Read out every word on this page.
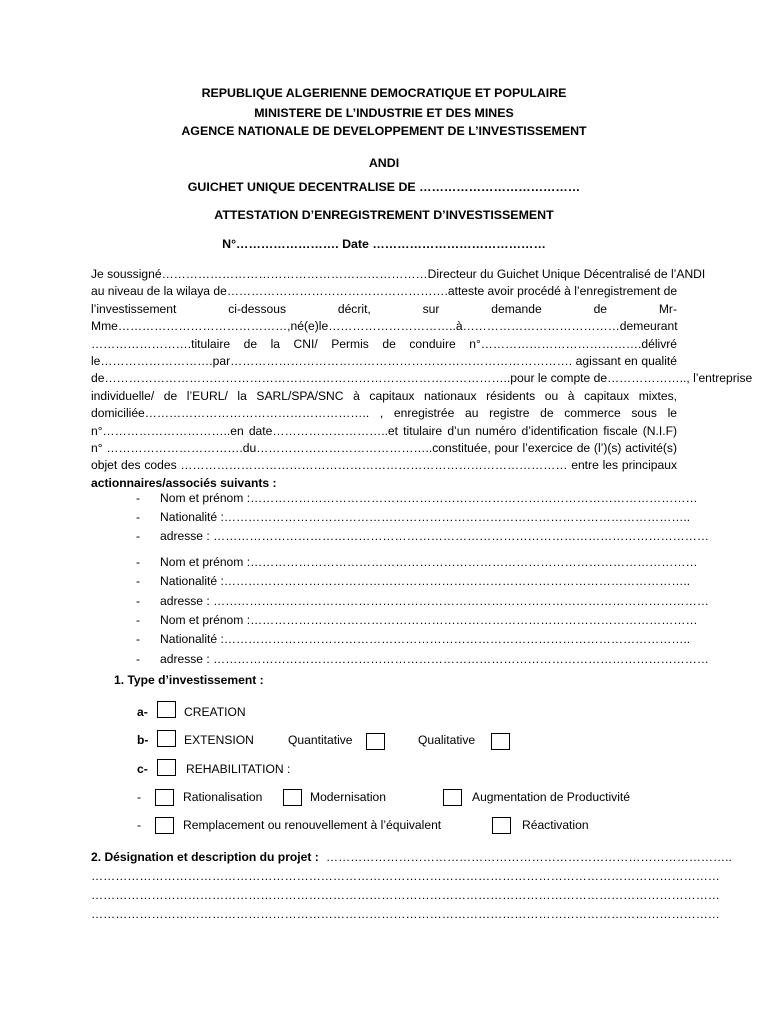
REPUBLIQUE ALGERIENNE DEMOCRATIQUE ET POPULAIRE
MINISTERE DE L’INDUSTRIE ET DES MINES
AGENCE NATIONALE DE DEVELOPPEMENT DE L’INVESTISSEMENT
ANDI
GUICHET UNIQUE DECENTRALISE DE …………………………………
ATTESTATION D’ENREGISTREMENT D’INVESTISSEMENT
N°……………………. Date ……………………………………
Je soussigné…………………………………………………………Directeur du Guichet Unique Décentralisé de l’ANDI
au niveau de la wilaya de……………………………………………….atteste avoir procédé à l’enregistrement de
l’investissement ci-dessous décrit, sur demande de Mr-
Mme……………………………………,né(e)le…………………………..à…………………………………demeurant
…………………….titulaire de la CNI/ Permis de conduire n°………………………………….délivré
le……………………….par…………………………………………………………………………. agissant en qualité
de………………………………………………………………………………………..pour le compte de……………….., l’entreprise
individuelle/ de l’EURL/ la SARL/SPA/SNC à capitaux nationaux résidents ou à capitaux mixtes,
domiciliée……………………………………………….. , enregistrée au registre de commerce sous le
n°…………………………..en date………………………..et titulaire d’un numéro d’identification fiscale (N.I.F)
n° …………………………….du……………………………………..constituée, pour l’exercice de (l’)(s) activité(s)
objet des codes …………………………………………………………………………………… entre les principaux
actionnaires/associés suivants :
- Nom et prénom :…………………………………………………………………………………………………
- Nationalité :……………………………………………………………………………………………………..
- adresse : ……………………………………………………………………………………………………………
- Nom et prénom :…………………………………………………………………………………………………
- Nationalité :……………………………………………………………………………………………………..
- adresse : ……………………………………………………………………………………………………………
- Nom et prénom :…………………………………………………………………………………………………
- Nationalité :……………………………………………………………………………………………………..
- adresse : ……………………………………………………………………………………………………………
1. Type d’investissement :
a-	CREATION
b-	EXTENSION	Quantitative	Qualitative
c-	REHABILITATION :
-	Rationalisation	Modernisation	Augmentation de Productivité
-	Remplacement ou renouvellement à l’équivalent	Réactivation
2. Désignation et description du projet : ………………………………………………………………………………………..
…………………………………………………………………………………………………………………………………………
…………………………………………………………………………………………………………………………………………
…………………………………………………………………………………………………………………………………………
